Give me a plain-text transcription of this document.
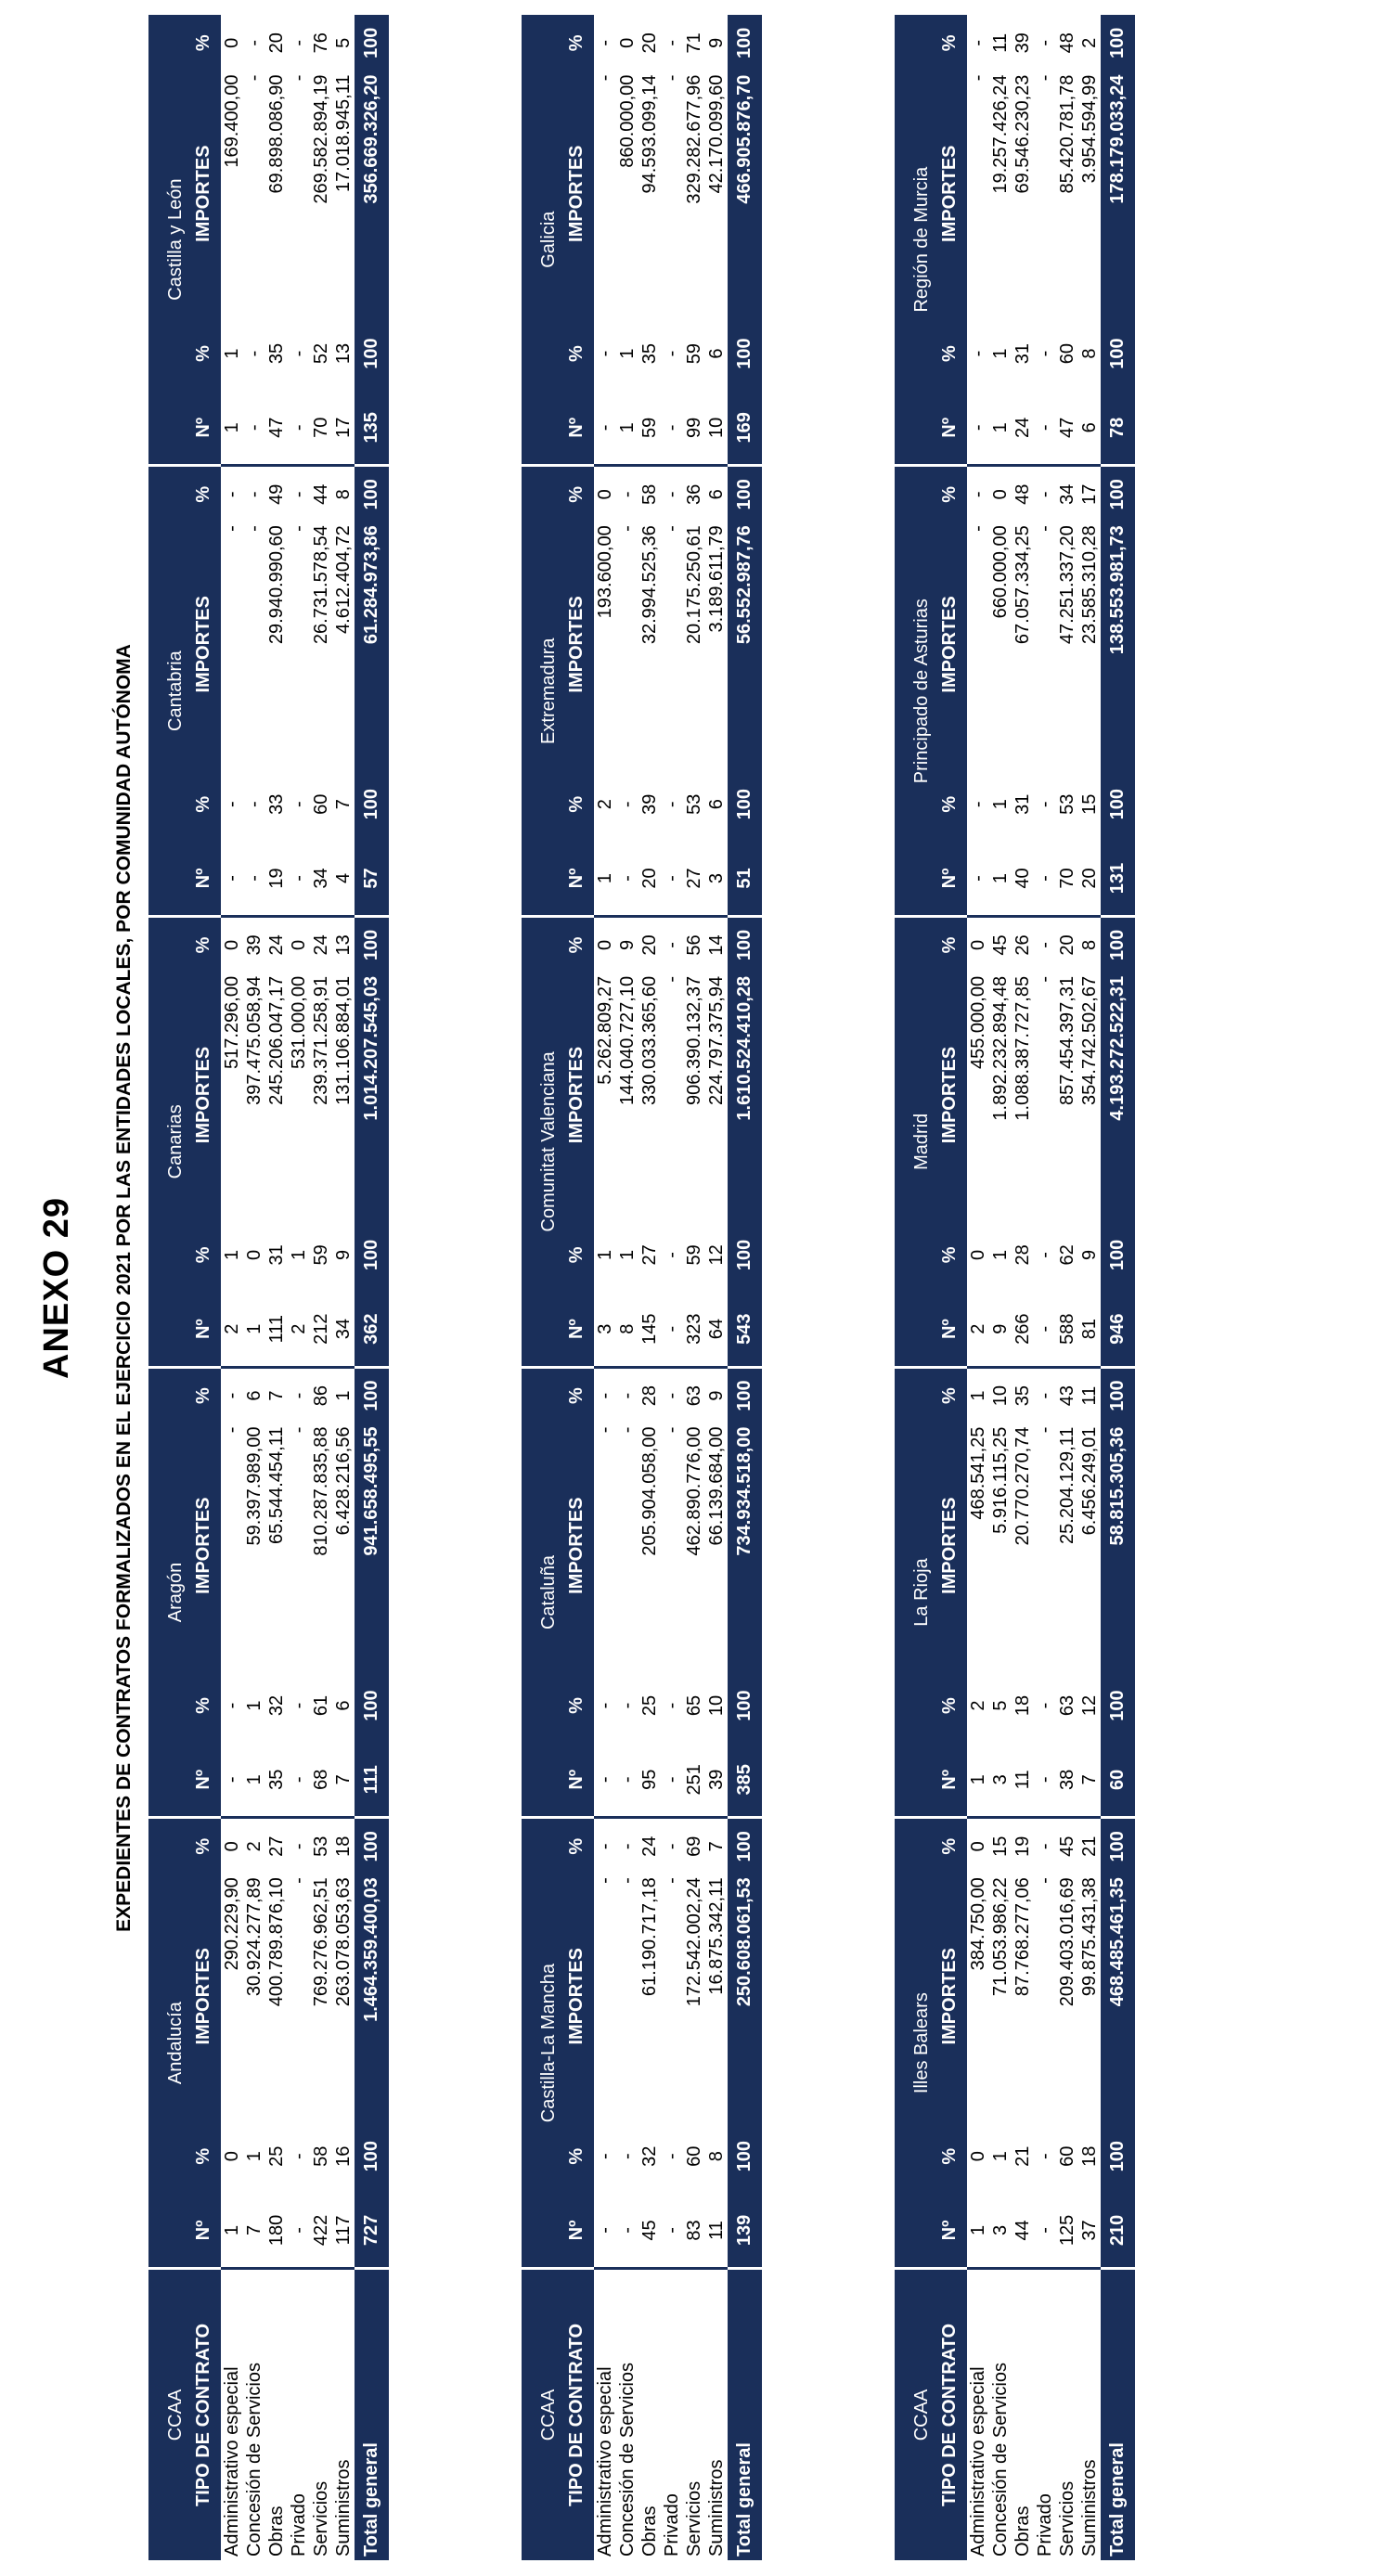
ANEXO 29 EXPEDIENTES DE CONTRATOS FORMALIZADOS EN EL EJERCICIO 2021 POR LAS ENTIDADES LOCALES, POR COMUNIDAD AUTÓNOMA
CCAA	Andalucía				Aragón				Canarias				Cantabria				Castilla y León			
TIPO DE CONTRATO	Nº	%	IMPORTES	%	Nº	%	IMPORTES	%	Nº	%	IMPORTES	%	Nº	%	IMPORTES	%	Nº	%	IMPORTES	%
Administrativo especial	1	0	290.229,90	0	-	-	-	-	2	1	517.296,00	0	-	-	-	-	1	1	169.400,00	0
Concesión de Servicios	7	1	30.924.277,89	2	1	1	59.397.989,00	6	1	0	397.475.058,94	39	-	-	-	-	-	-	-	-
Obras	180	25	400.789.876,10	27	35	32	65.544.454,11	7	111	31	245.206.047,17	24	19	33	29.940.990,60	49	47	35	69.898.086,90	20
Privado	-	-	-	-	-	-	-	-	2	1	531.000,00	0	-	-	-	-	-	-	-	-
Servicios	422	58	769.276.962,51	53	68	61	810.287.835,88	86	212	59	239.371.258,91	24	34	60	26.731.578,54	44	70	52	269.582.894,19	76
Suministros	117	16	263.078.053,63	18	7	6	6.428.216,56	1	34	9	131.106.884,01	13	4	7	4.612.404,72	8	17	13	17.018.945,11	5
Total general	727	100	1.464.359.400,03	100	111	100	941.658.495,55	100	362	100	1.014.207.545,03	100	57	100	61.284.973,86	100	135	100	356.669.326,20	100
CCAA	Castilla-La Mancha				Cataluña				Comunitat Valenciana				Extremadura				Galicia			
TIPO DE CONTRATO	Nº	%	IMPORTES	%	Nº	%	IMPORTES	%	Nº	%	IMPORTES	%	Nº	%	IMPORTES	%	Nº	%	IMPORTES	%
Administrativo especial	-	-	-	-	-	-	-	-	3	1	5.262.809,27	0	1	2	193.600,00	0	-	-	-	-
Concesión de Servicios	-	-	-	-	-	-	-	-	8	1	144.040.727,10	9	-	-	-	-	1	1	860.000,00	0
Obras	45	32	61.190.717,18	24	95	25	205.904.058,00	28	145	27	330.033.365,60	20	20	39	32.994.525,36	58	59	35	94.593.099,14	20
Privado	-	-	-	-	-	-	-	-	-	-	-	-	-	-	-	-	-	-	-	-
Servicios	83	60	172.542.002,24	69	251	65	462.890.776,00	63	323	59	906.390.132,37	56	27	53	20.175.250,61	36	99	59	329.282.677,96	71
Suministros	11	8	16.875.342,11	7	39	10	66.139.684,00	9	64	12	224.797.375,94	14	3	6	3.189.611,79	6	10	6	42.170.099,60	9
Total general	139	100	250.608.061,53	100	385	100	734.934.518,00	100	543	100	1.610.524.410,28	100	51	100	56.552.987,76	100	169	100	466.905.876,70	100
CCAA	Illes Balears				La Rioja				Madrid				Principado de Asturias				Región de Murcia			
TIPO DE CONTRATO	Nº	%	IMPORTES	%	Nº	%	IMPORTES	%	Nº	%	IMPORTES	%	Nº	%	IMPORTES	%	Nº	%	IMPORTES	%
Administrativo especial	1	0	384.750,00	0	1	2	468.541,25	1	2	0	455.000,00	0	-	-	-	-	-	-	-	-
Concesión de Servicios	3	1	71.053.986,22	15	3	5	5.916.115,25	10	9	1	1.892.232.894,48	45	1	1	660.000,00	0	1	1	19.257.426,24	11
Obras	44	21	87.768.277,06	19	11	18	20.770.270,74	35	266	28	1.088.387.727,85	26	40	31	67.057.334,25	48	24	31	69.546.230,23	39
Privado	-	-	-	-	-	-	-	-	-	-	-	-	-	-	-	-	-	-	-	-
Servicios	125	60	209.403.016,69	45	38	63	25.204.129,11	43	588	62	857.454.397,31	20	70	53	47.251.337,20	34	47	60	85.420.781,78	48
Suministros	37	18	99.875.431,38	21	7	12	6.456.249,01	11	81	9	354.742.502,67	8	20	15	23.585.310,28	17	6	8	3.954.594,99	2
Total general	210	100	468.485.461,35	100	60	100	58.815.305,36	100	946	100	4.193.272.522,31	100	131	100	138.553.981,73	100	78	100	178.179.033,24	100
